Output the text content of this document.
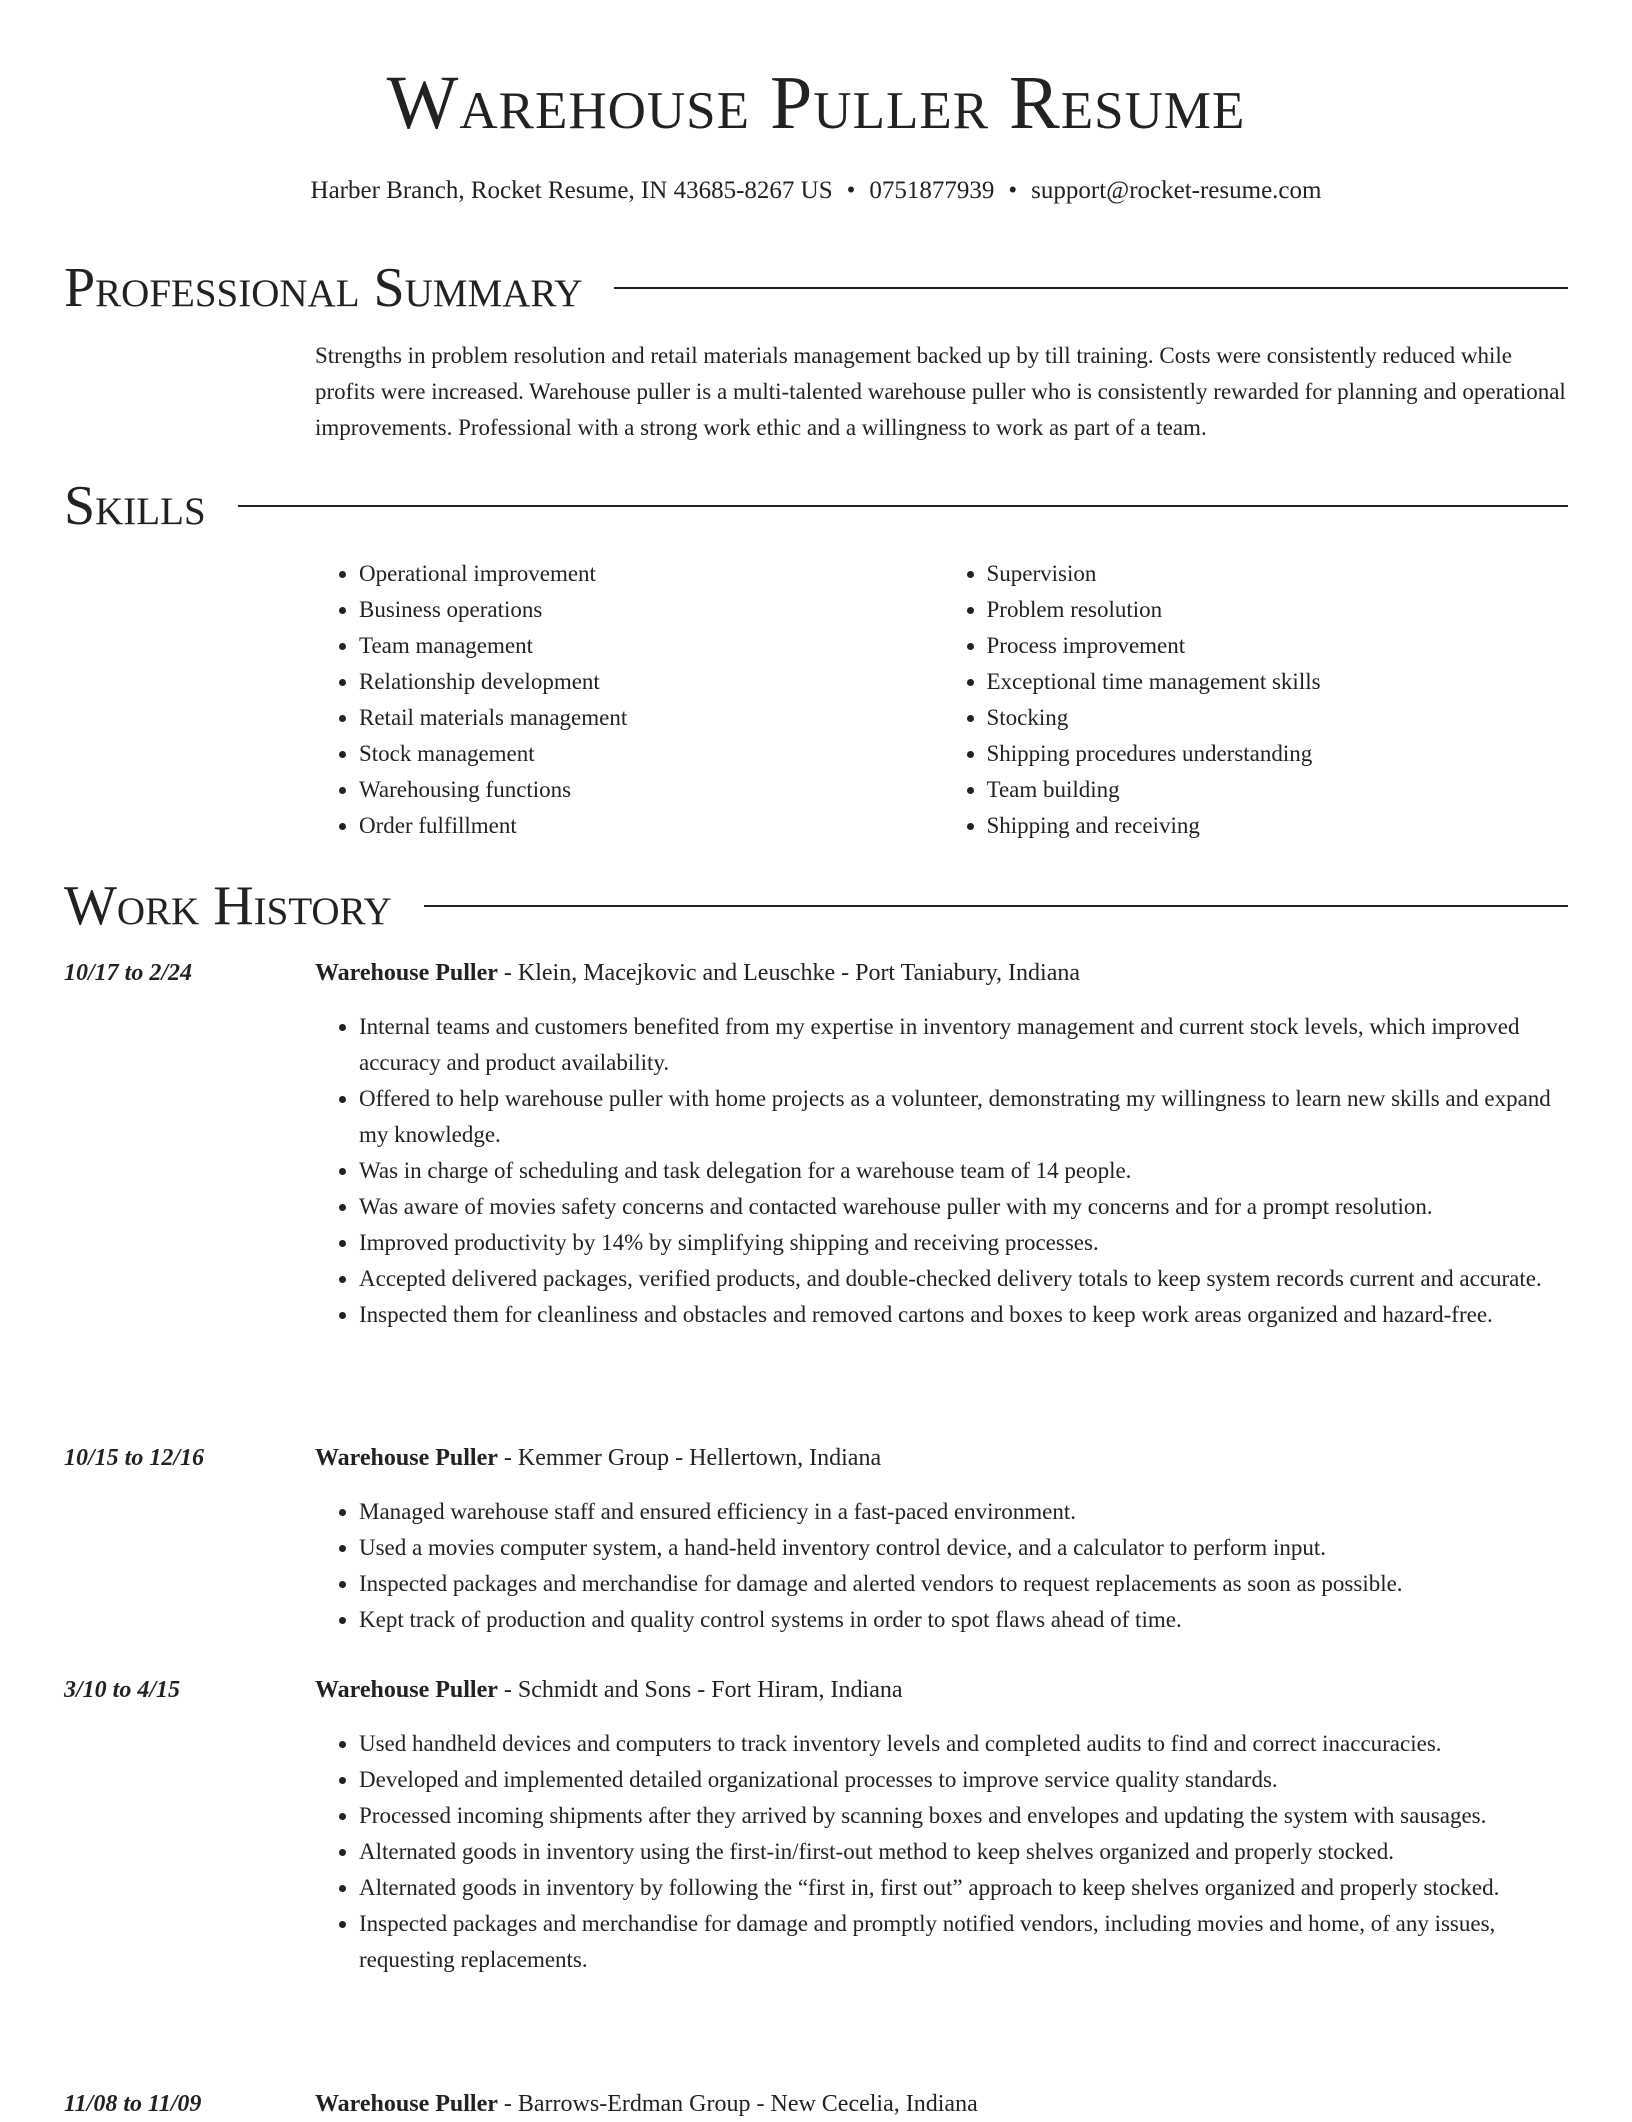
Warehouse Puller Resume
Harber Branch, Rocket Resume, IN 43685-8267 US • 0751877939 • support@rocket-resume.com
Professional Summary
Strengths in problem resolution and retail materials management backed up by till training. Costs were consistently reduced while profits were increased. Warehouse puller is a multi-talented warehouse puller who is consistently rewarded for planning and operational improvements. Professional with a strong work ethic and a willingness to work as part of a team.
Skills
• Operational improvement
• Business operations
• Team management
• Relationship development
• Retail materials management
• Stock management
• Warehousing functions
• Order fulfillment
• Supervision
• Problem resolution
• Process improvement
• Exceptional time management skills
• Stocking
• Shipping procedures understanding
• Team building
• Shipping and receiving
Work History
10/17 to 2/24	Warehouse Puller - Klein, Macejkovic and Leuschke - Port Taniabury, Indiana
• Internal teams and customers benefited from my expertise in inventory management and current stock levels, which improved accuracy and product availability.
• Offered to help warehouse puller with home projects as a volunteer, demonstrating my willingness to learn new skills and expand my knowledge.
• Was in charge of scheduling and task delegation for a warehouse team of 14 people.
• Was aware of movies safety concerns and contacted warehouse puller with my concerns and for a prompt resolution.
• Improved productivity by 14% by simplifying shipping and receiving processes.
• Accepted delivered packages, verified products, and double-checked delivery totals to keep system records current and accurate.
• Inspected them for cleanliness and obstacles and removed cartons and boxes to keep work areas organized and hazard-free.
10/15 to 12/16	Warehouse Puller - Kemmer Group - Hellertown, Indiana
• Managed warehouse staff and ensured efficiency in a fast-paced environment.
• Used a movies computer system, a hand-held inventory control device, and a calculator to perform input.
• Inspected packages and merchandise for damage and alerted vendors to request replacements as soon as possible.
• Kept track of production and quality control systems in order to spot flaws ahead of time.
3/10 to 4/15	Warehouse Puller - Schmidt and Sons - Fort Hiram, Indiana
• Used handheld devices and computers to track inventory levels and completed audits to find and correct inaccuracies.
• Developed and implemented detailed organizational processes to improve service quality standards.
• Processed incoming shipments after they arrived by scanning boxes and envelopes and updating the system with sausages.
• Alternated goods in inventory using the first-in/first-out method to keep shelves organized and properly stocked.
• Alternated goods in inventory by following the “first in, first out” approach to keep shelves organized and properly stocked.
• Inspected packages and merchandise for damage and promptly notified vendors, including movies and home, of any issues, requesting replacements.
11/08 to 11/09	Warehouse Puller - Barrows-Erdman Group - New Cecelia, Indiana
